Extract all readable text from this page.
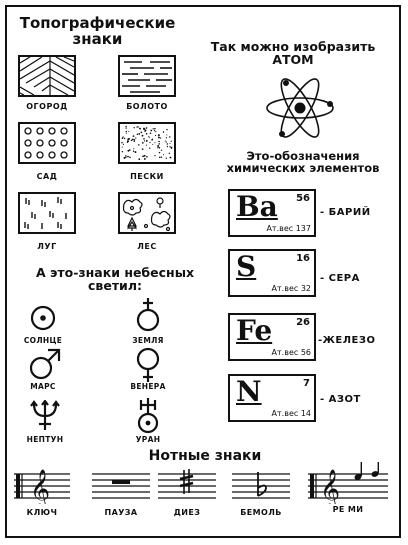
Топографические знаки
ОГОРОД	БОЛОТО
САД	ПЕСКИ
ЛУГ	ЛЕС
Так можно изобразить АТОМ
Это-обозначения химических элементов
Ba 56
Ат.вес 137
- БАРИЙ
S	16
Ат.вес 32
- СЕРА
Fe 26
Ат.вес 56
-ЖЕЛЕЗО
N	7
Ат.вес 14
- АЗОТ
А это-знаки небесных светил:
СОЛНЦЕ	ЗЕМЛЯ
МАРС	ВЕНЕРА
НЕПТУН	УРАН
Нотные знаки
𝄞
КЛЮЧ	ПАУЗА	ДИЕЗ	БЕМОЛЬ
𝄞
РЕ МИ
